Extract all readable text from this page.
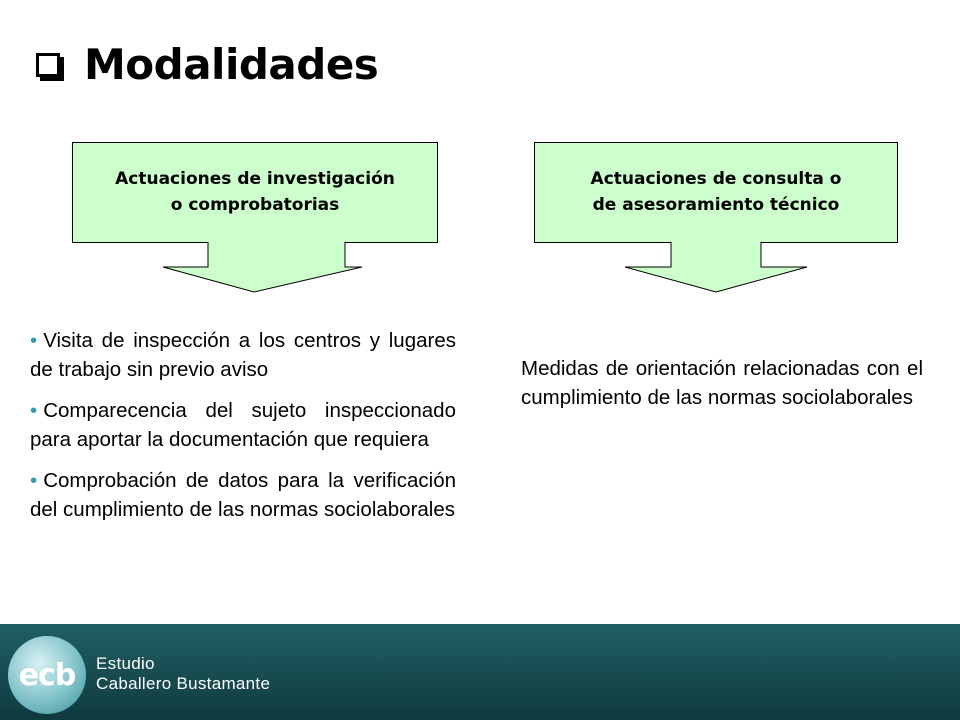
Modalidades
Actuaciones de investigación
o comprobatorias
Actuaciones de consulta o
de asesoramiento técnico

• Visita de inspección a los centros y lugares de trabajo sin previo aviso

• Comparecencia del sujeto inspeccionado para aportar la documentación que requiera

• Comprobación de datos para la verificación del cumplimiento de las normas sociolaborales

Medidas de orientación relacionadas con el cumplimiento de las normas sociolaborales
ecb Estudio
Caballero Bustamante
